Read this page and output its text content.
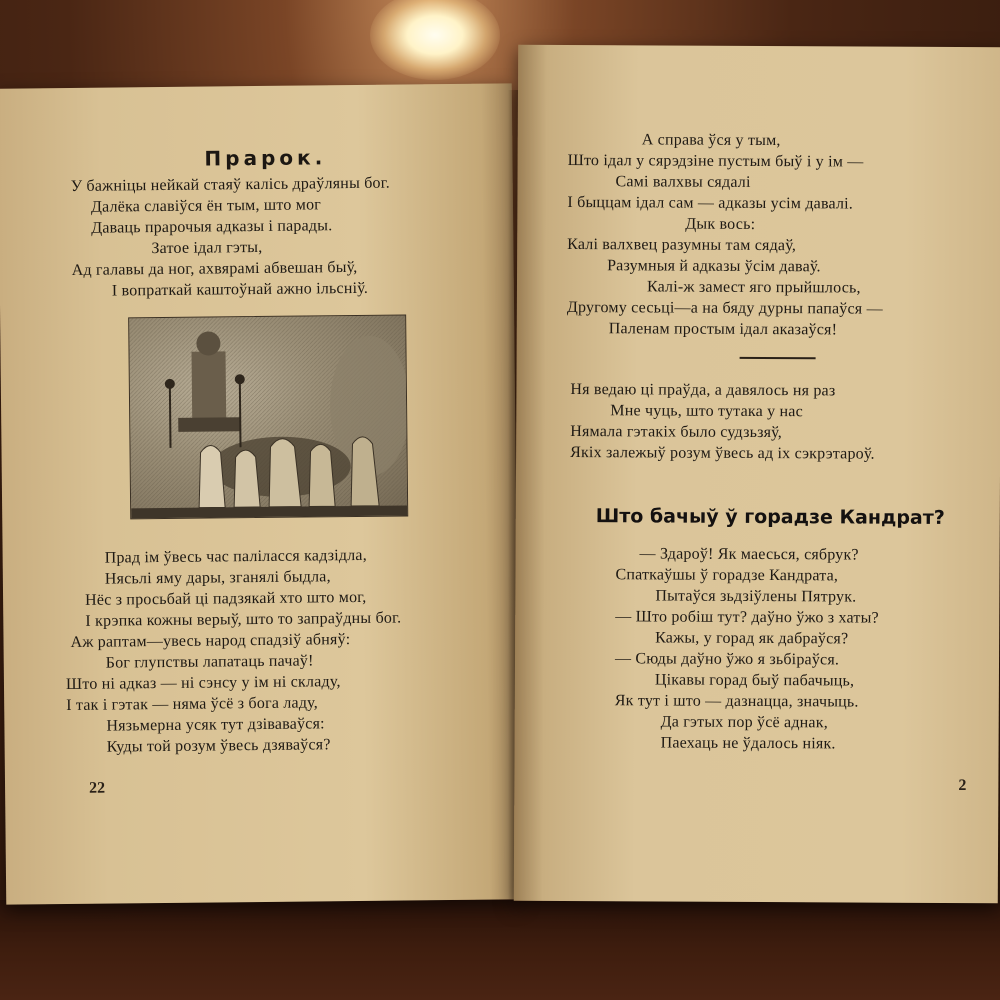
Прарок.
У бажніцы нейкай стаяў калісь драўляны бог.
Далёка славіўся ён тым, што мог
Даваць прарочыя адказы і парады.
Затое ідал гэты,
Ад галавы да ног, ахвярамі абвешан быў,
І вопраткай каштоўнай ажно ільсніў.
Прад ім ўвесь час паліласся кадзідла,
Нясьлі яму дары, зганялі быдла,
Нёс з просьбай ці падзякай хто што мог,
І крэпка кожны верыў, што то запраўдны бог.
Аж раптам—увесь народ спадзіў абняў:
Бог глупствы лапатаць пачаў!
Што ні адказ — ні сэнсу у ім ні складу,
І так і гэтак — няма ўсё з бога ладу,
Нязьмерна усяк тут дзіваваўся:
Куды той розум ўвесь дзяваўся?
22
А справа ўся у тым,
Што ідал у сярэдзіне пустым быў і у ім —
Самі валхвы сядалі
І быццам ідал сам — адказы усім давалі.
Дык вось:
Калі валхвец разумны там сядаў,
Разумныя й адказы ўсім даваў.
Калі-ж замест яго прыйшлось,
Другому сесьці—а на бяду дурны папаўся —
Паленам простым ідал аказаўся!
Ня ведаю ці праўда, а давялось ня раз
Мне чуць, што тутака у нас
Нямала гэтакіх было судзьзяў,
Якіх залежыў розум ўвесь ад іх сэкрэтароў.
Што бачыў ў горадзе Кандрат?
— Здароў! Як маесься, сябрук?
Спаткаўшы ў горадзе Кандрата,
Пытаўся зьдзіўлены Пятрук.
— Што робіш тут? даўно ўжо з хаты?
Кажы, у горад як дабраўся?
— Сюды даўно ўжо я зьбіраўся.
Цікавы горад быў пабачыць,
Як тут і што — дазнацца, значыць.
Да гэтых пор ўсё аднак,
Паехаць не ўдалось ніяк.
2
